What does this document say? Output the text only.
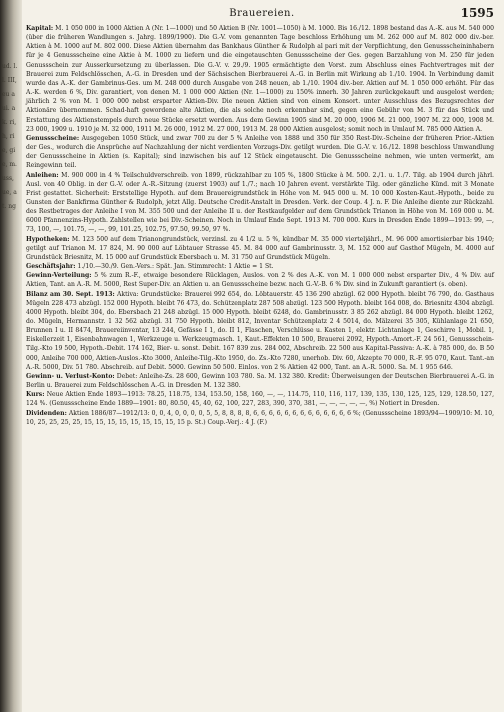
ud. l. l. III, eu aui. ak. ri, h, rie, gie, m. uss, ue, at. ng
Brauereien.	1595

Kapital: M. 1 050 000 in 1000 Aktien A (Nr. 1—1000) und 50 Aktien B (Nr. 1001—1050) à M. 1000. Bis 16./12. 1898 bestand das A.-K. aus M. 540 000 (über die früheren Wandlungen s. Jahrg. 1899/1900). Die G.-V. vom genannten Tage beschloss Erhöhung um M. 262 000 auf M. 802 000 div.-ber. Aktien à M. 1000 auf M. 802 000. Diese Aktien übernahm das Bankhaus Günther & Rudolph al pari mit der Verpflichtung, den Genussscheininhabern für je 4 Genussscheine eine Aktie à M. 1000 zu liefern und die eingetauschten Genussscheine der Ges. gegen Barzahlung von M. 250 für jeden Genussschein zur Ausserkursetzung zu überlassen. Die G.-V. v. 29./9. 1905 ermächtigte den Vorst. zum Abschluss eines Fachtvertrages mit der Brauerei zum Feldschlösschen, A.-G. in Dresden und der Sächsischen Bierbrauerei A.-G. in Berlin mit Wirkung ab 1./10. 1904. In Verbindung damit wurde das A.-K. der Gambrinus-Ges. um M. 248 000 durch Ausgabe von 248 neuen, ab 1./10. 1904 div.-ber. Aktien auf M. 1 050 000 erhöht. Für das A.-K. werden 6 %, Div. garantiert, von denen M. 1 000 000 Aktien (Nr. 1—1000) zu 150% innerh. 30 Jahren zurückgekauft und ausgelost werden; jährlich 2 % von M. 1 000 000 nebst ersparter Aktien-Div. Die neuen Aktien sind von einem Konsort. unter Ausschluss des Bezugsrechtes der Aktionäre übernommen. Schad-haft gewordene alte Aktien, die als solche noch erkennbar sind, gegen eine Gebühr von M. 3 für das Stück und Erstattung des Aktienstempels durch neue Stücke ersetzt werden. Aus dem Gewinn 1905 sind M. 20 000, 1906 M. 21 000, 1907 M. 22 000, 1908 M. 23 000, 1909 u. 1910 je M. 32 000, 1911 M. 26 000, 1912 M. 27 000, 1913 M. 28 000 Aktien ausgelost; somit noch in Umlauf M. 785 000 Aktien A.

Genussscheine: Ausgegeben 1050 Stück, und zwar 700 zu der 5 % Anleihe von 1888 und 350 für 350 Rest-Div.-Scheine der früheren Prior.-Aktien der Ges., wodurch die Ansprüche auf Nachzahlung der nicht verdienten Vorzugs-Div. getilgt wurden. Die G.-V. v. 16./12. 1898 beschloss Umwandlung der Genussscheine in Aktien (s. Kapital); sind inzwischen bis auf 12 Stück eingetauscht. Die Genussscheine nehmen, wie unten vermerkt, am Reingewinn teil.

Anleihen: M. 900 000 in 4 % Teilschuldverschreib. von 1899, rückzahlbar zu 105 %, 1800 Stücke à M. 500. 2./1. u. 1./7. Tilg. ab 1904 durch jährl. Ausl. von 40 Oblig. in der G.-V. oder A.-R.-Sitzung (zuerst 1903) auf 1./7.; nach 10 Jahren event. verstärkte Tilg. oder gänzliche Künd. mit 3 Monate Frist gestattet. Sicherheit: Erststellige Hypoth. auf dem Brauereigrundstück in Höhe von M. 945 000 u. M. 10 000 Kosten-Kaut.-Hypoth., beide zu Gunsten der Bankfirma Günther & Rudolph, jetzt Allg. Deutsche Credit-Anstalt in Dresden. Verk. der Coup. 4 J. n. F. Die Anleihe diente zur Rückzahl. des Restbetrages der Anleihe I von M. 355 500 und der Anleihe II u. der Restkaufgelder auf dem Grundstück Trianon in Höhe von M. 169 000 u. M. 6000 Pfannenzins-Hypoth. Zahlstellen wie bei Div.-Scheinen. Noch in Umlauf Ende Sept. 1913 M. 700 000. Kurs in Dresden Ende 1899—1913: 99, —, 73, 100, —, 101.75, —, —, 99, 101.25, 102.75, 97.50, 99.50, 97 %.

Hypotheken: M. 123 500 auf dem Trianongrundstück, verzinsl. zu 4 1/2 u. 5 %, kündbar M. 35 000 vierteljährl., M. 96 000 amortisierbar bis 1940; getilgt auf Trianon M. 17 824, M. 90 000 auf Löbtauer Strasse 45. M. 84 000 auf Gambrinusstr. 3, M. 152 000 auf Gasthof Mügeln, M. 4000 auf Grundstück Briesnitz, M. 15 000 auf Grundstück Ebersbach u. M. 31 750 auf Grundstück Mügeln.

Geschäftsjahr: 1./10.—30./9. Gen.-Vers.: Spät. Jan. Stimmrecht: 1 Aktie = 1 St.

Gewinn-Verteilung: 5 % zum R.-F., etwaige besondere Rücklagen, Auslos. von 2 % des A.-K. von M. 1 000 000 nebst ersparter Div., 4 % Div. auf Aktien, Tant. an A.-R. M. 5000, Rest Super-Div. an Aktien u. an Genussscheine bezw. nach G.-V.-B. 6 % Div. sind in Zukunft garantiert (s. oben).

Bilanz am 30. Sept. 1913: Aktiva: Grundstücke: Brauerei 992 654, do. Löbtauerstr. 45 136 290 abzügl. 62 000 Hypoth. bleibt 76 790, do. Gasthaus Mügeln 228 473 abzügl. 152 000 Hypoth. bleibt 76 473, do. Schützenplatz 287 508 abzügl. 123 500 Hypoth. bleibt 164 008, do. Briesnitz 4304 abzügl. 4000 Hypoth. bleibt 304, do. Ebersbach 21 248 abzügl. 15 000 Hypoth. bleibt 6248, do. Gambrinusstr. 3 85 262 abzügl. 84 000 Hypoth. bleibt 1262, do. Mügeln, Hermannstr. 1 32 562 abzügl. 31 750 Hypoth. bleibt 812, Inventar Schützenplatz 2 4 5014, do. Mälzerei 35 305, Kühlanlage 21 650, Brunnen I u. II 8474, Brauereiinventar, 13 244, Gefässe I 1, do. II 1, Flaschen, Verschlüsse u. Kasten 1, elektr. Lichtanlage 1, Geschirre 1, Mobil. 1, Eiskellerzeit 1, Eisenbahnwagen 1, Werkzeuge u. Werkzeugmasch. 1, Kaut.-Effekten 10 500, Brauerei 2092, Hypoth.-Amort.-F. 24 561, Genussschein-Tilg.-Kto 19 500, Hypoth.-Debit. 174 162, Bier- u. sonst. Debit. 167 839 zus. 284 002, Abschreib. 22 500 aus Kapital-Passiva: A.-K. à 785 000, do. B 50 000, Anleihe 700 000, Aktien-Auslos.-Kto 3000, Anleihe-Tilg.-Kto 1950, do. Zs.-Kto 7280, unerhob. Div. 60, Akzepte 70 000, R.-F. 95 070, Kaut. Tant.-an A.-R. 5000, Div. 51 780. Abschreib. auf Debit. 5000. Gewinn 50 500. Einlos. von 2 % Aktien 42 000, Tant. an A.-R. 5000. Sa. M. 1 955 646.

Gewinn- u. Verlust-Konto: Debet: Anleihe-Zs. 28 600, Gewinn 103 780. Sa. M. 132 380. Kredit: Überweisungen der Deutschen Bierbrauerei A.-G. in Berlin u. Brauerei zum Feldschlösschen A.-G. in Dresden M. 132 380.

Kurs: Neue Aktien Ende 1893—1913: 78.25, 118.75, 134, 153.50, 158, 160, —, —, 114.75, 110, 116, 117, 139, 135, 130, 125, 125, 129, 128.50, 127, 124 %. (Genussscheine Ende 1889—1901: 80, 80.50, 45, 40, 62, 100, 227, 283, 390, 370, 381, —, —, —, —, —, %) Notiert in Dresden.

Dividenden: Aktien 1886/87—1912/13: 0, 0, 4, 0, 0, 0, 0, 5, 5, 8, 8, 8, 8, 6, 6, 6, 6, 6, 6, 6, 6, 6, 6, 6, 6, 6 %; (Genussscheine 1893/94—1909/10: M. 10, 10, 25, 25, 25, 25, 15, 15, 15, 15, 15, 15, 15, 15, 15 p. St.) Coup.-Verj.: 4 J. (F.)
